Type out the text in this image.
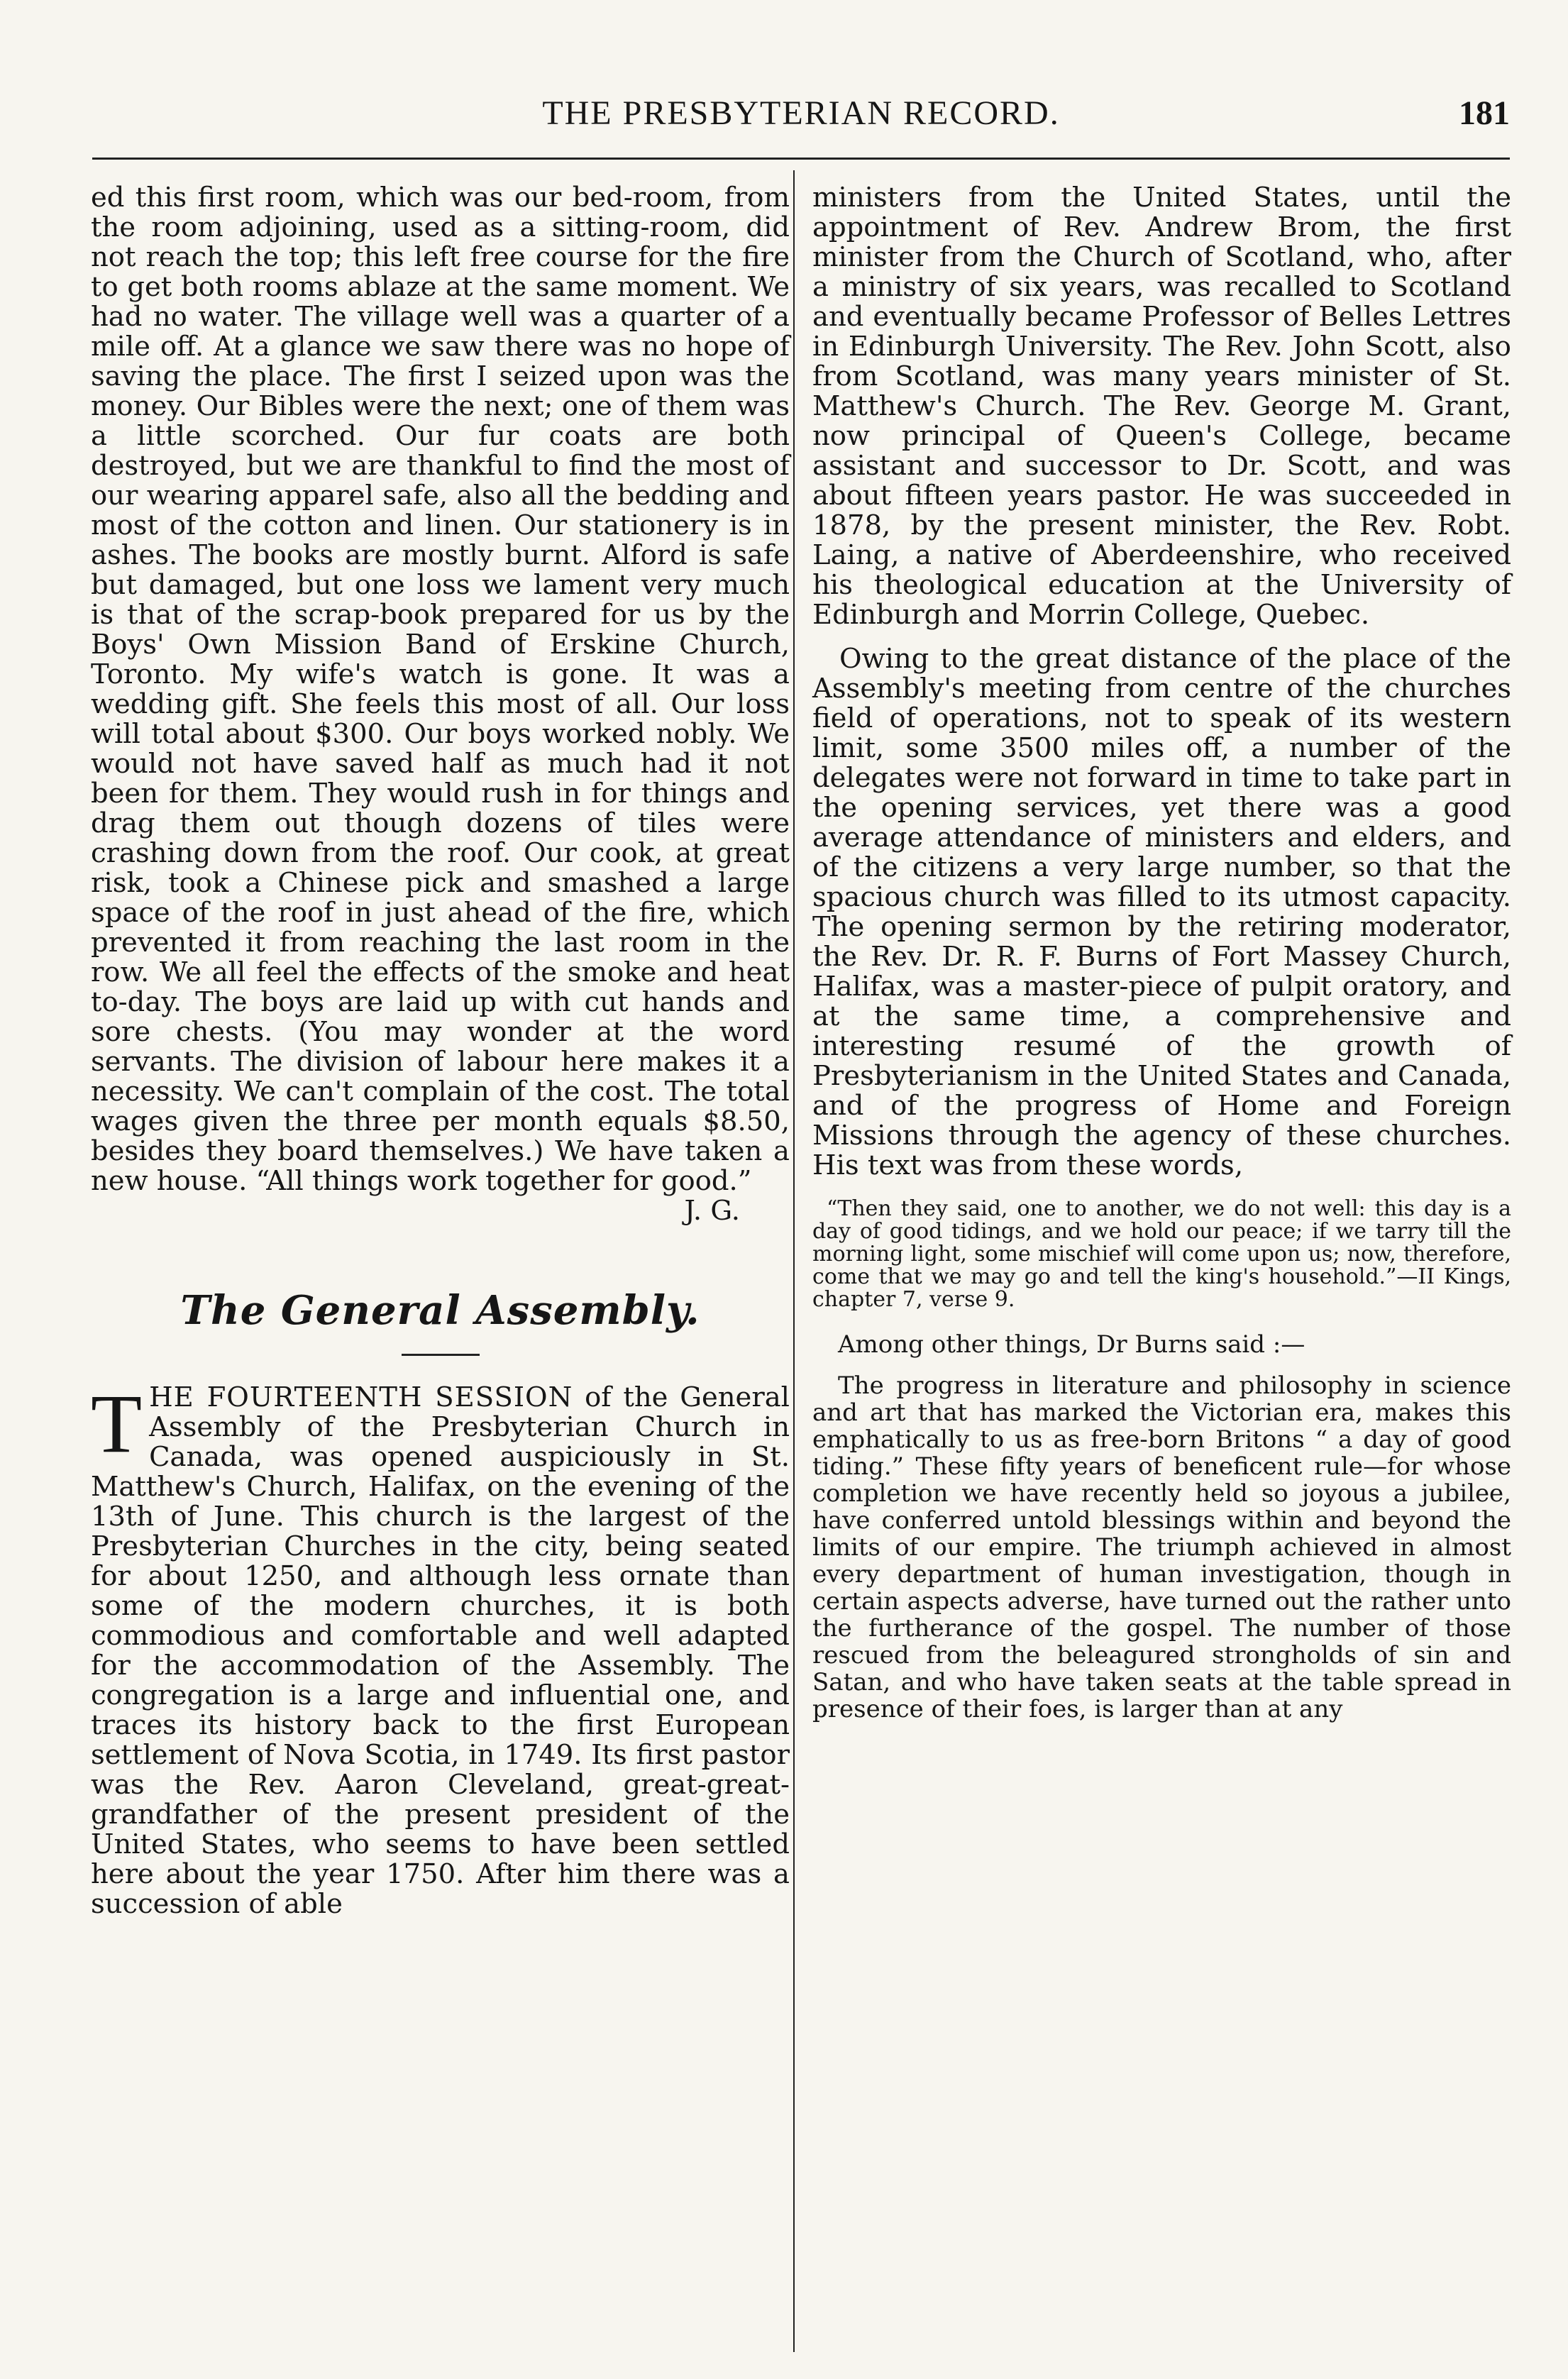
THE PRESBYTERIAN RECORD.	181

ed this first room, which was our bed-room, from the room adjoining, used as a sitting-room, did not reach the top; this left free course for the fire to get both rooms ablaze at the same moment. We had no water. The village well was a quarter of a mile off. At a glance we saw there was no hope of saving the place. The first I seized upon was the money. Our Bibles were the next; one of them was a little scorched. Our fur coats are both destroyed, but we are thankful to find the most of our wearing apparel safe, also all the bedding and most of the cotton and linen. Our stationery is in ashes. The books are mostly burnt. Alford is safe but damaged, but one loss we lament very much is that of the scrap-book prepared for us by the Boys' Own Mission Band of Erskine Church, Toronto. My wife's watch is gone. It was a wedding gift. She feels this most of all. Our loss will total about $300. Our boys worked nobly. We would not have saved half as much had it not been for them. They would rush in for things and drag them out though dozens of tiles were crashing down from the roof. Our cook, at great risk, took a Chinese pick and smashed a large space of the roof in just ahead of the fire, which prevented it from reaching the last room in the row. We all feel the effects of the smoke and heat to-day. The boys are laid up with cut hands and sore chests. (You may wonder at the word servants. The division of labour here makes it a necessity. We can't complain of the cost. The total wages given the three per month equals $8.50, besides they board themselves.) We have taken a new house. “All things work together for good.”

J. G.

The General Assembly.

THE FOURTEENTH SESSION of the General Assembly of the Presbyterian Church in Canada, was opened auspiciously in St. Matthew's Church, Halifax, on the evening of the 13th of June. This church is the largest of the Presbyterian Churches in the city, being seated for about 1250, and although less ornate than some of the modern churches, it is both commodious and comfortable and well adapted for the accommodation of the Assembly. The congregation is a large and influential one, and traces its history back to the first European settlement of Nova Scotia, in 1749. Its first pastor was the Rev. Aaron Cleveland, great-great-grandfather of the present president of the United States, who seems to have been settled here about the year 1750. After him there was a succession of able

ministers from the United States, until the appointment of Rev. Andrew Brom, the first minister from the Church of Scotland, who, after a ministry of six years, was recalled to Scotland and eventually became Professor of Belles Lettres in Edinburgh University. The Rev. John Scott, also from Scotland, was many years minister of St. Matthew's Church. The Rev. George M. Grant, now principal of Queen's College, became assistant and successor to Dr. Scott, and was about fifteen years pastor. He was succeeded in 1878, by the present minister, the Rev. Robt. Laing, a native of Aberdeenshire, who received his theological education at the University of Edinburgh and Morrin College, Quebec.

Owing to the great distance of the place of the Assembly's meeting from centre of the churches field of operations, not to speak of its western limit, some 3500 miles off, a number of the delegates were not forward in time to take part in the opening services, yet there was a good average attendance of ministers and elders, and of the citizens a very large number, so that the spacious church was filled to its utmost capacity. The opening sermon by the retiring moderator, the Rev. Dr. R. F. Burns of Fort Massey Church, Halifax, was a master-piece of pulpit oratory, and at the same time, a comprehensive and interesting resumé of the growth of Presbyterianism in the United States and Canada, and of the progress of Home and Foreign Missions through the agency of these churches. His text was from these words,

“Then they said, one to another, we do not well: this day is a day of good tidings, and we hold our peace; if we tarry till the morning light, some mischief will come upon us; now, therefore, come that we may go and tell the king's household.”—II Kings, chapter 7, verse 9.

Among other things, Dr Burns said :—

The progress in literature and philosophy in science and art that has marked the Victorian era, makes this emphatically to us as free-born Britons “ a day of good tiding.” These fifty years of beneficent rule—for whose completion we have recently held so joyous a jubilee, have conferred untold blessings within and beyond the limits of our empire. The triumph achieved in almost every department of human investigation, though in certain aspects adverse, have turned out the rather unto the furtherance of the gospel. The number of those rescued from the beleagured strongholds of sin and Satan, and who have taken seats at the table spread in presence of their foes, is larger than at any
